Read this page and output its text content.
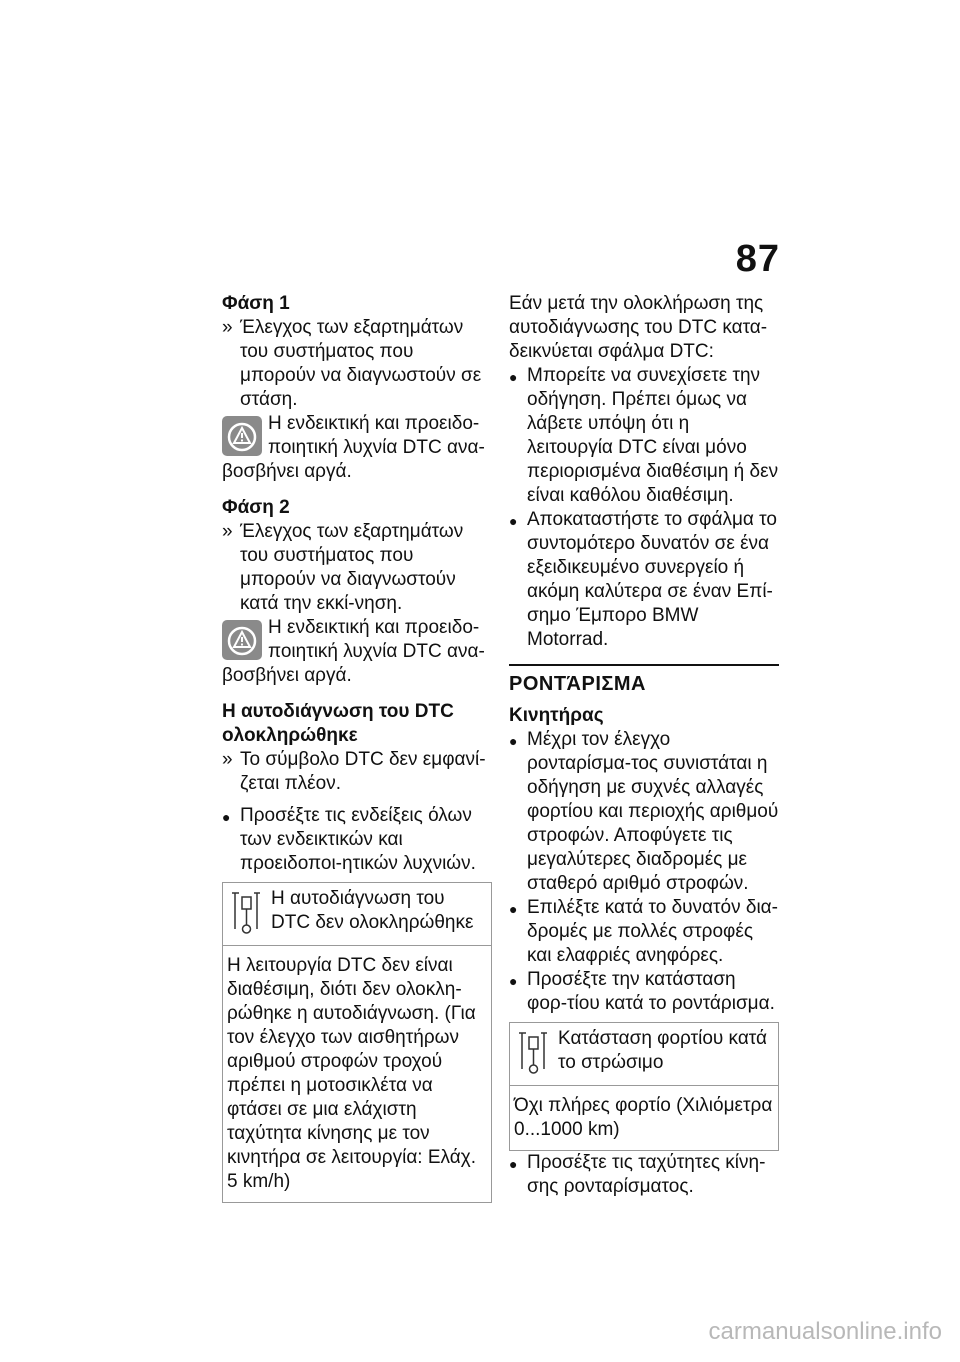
87
Φάση 1
» Έλεγχος των εξαρτημάτων του συστήματος που μπορούν να διαγνωστούν σε στάση.
Η ενδεικτική και προειδο-ποιητική λυχνία DTC ανα-
βοσβήνει αργά.
Φάση 2
» Έλεγχος των εξαρτημάτων του συστήματος που μπορούν να διαγνωστούν κατά την εκκί-νηση.
Η ενδεικτική και προειδο-ποιητική λυχνία DTC ανα-
βοσβήνει αργά.
Η αυτοδιάγνωση του DTC ολοκληρώθηκε
» Το σύμβολο DTC δεν εμφανί-ζεται πλέον.
● Προσέξτε τις ενδείξεις όλων των ενδεικτικών και προειδοποι-ητικών λυχνιών.
Η αυτοδιάγνωση του DTC δεν ολοκληρώθηκε
Η λειτουργία DTC δεν είναι διαθέσιμη, διότι δεν ολοκλη-ρώθηκε η αυτοδιάγνωση. (Για τον έλεγχο των αισθητήρων αριθμού στροφών τροχού πρέπει η μοτοσικλέτα να φτάσει σε μια ελάχιστη ταχύτητα κίνησης με τον κινητήρα σε λειτουργία: Ελάχ. 5 km/h)
Εάν μετά την ολοκλήρωση της αυτοδιάγνωσης του DTC κατα-δεικνύεται σφάλμα DTC:
● Μπορείτε να συνεχίσετε την οδήγηση. Πρέπει όμως να λάβετε υπόψη ότι η λειτουργία DTC είναι μόνο περιορισμένα διαθέσιμη ή δεν είναι καθόλου διαθέσιμη.
● Αποκαταστήστε το σφάλμα το συντομότερο δυνατόν σε ένα εξειδικευμένο συνεργείο ή ακόμη καλύτερα σε έναν Επί-σημο Έμπορο BMW Motorrad.
ΡΟΝΤΆΡΙΣΜΑ
Κινητήρας
● Μέχρι τον έλεγχο ρονταρίσμα-τος συνιστάται η οδήγηση με συχνές αλλαγές φορτίου και περιοχής αριθμού στροφών. Αποφύγετε τις μεγαλύτερες διαδρομές με σταθερό αριθμό στροφών.
● Επιλέξτε κατά το δυνατόν δια-δρομές με πολλές στροφές και ελαφριές ανηφόρες.
● Προσέξτε την κατάσταση φορ-τίου κατά το ροντάρισμα.
Κατάσταση φορτίου κατά το στρώσιμο
Όχι πλήρες φορτίο (Χιλιόμετρα 0...1000 km)
● Προσέξτε τις ταχύτητες κίνη-σης ρονταρίσματος.
carmanualsonline.info
